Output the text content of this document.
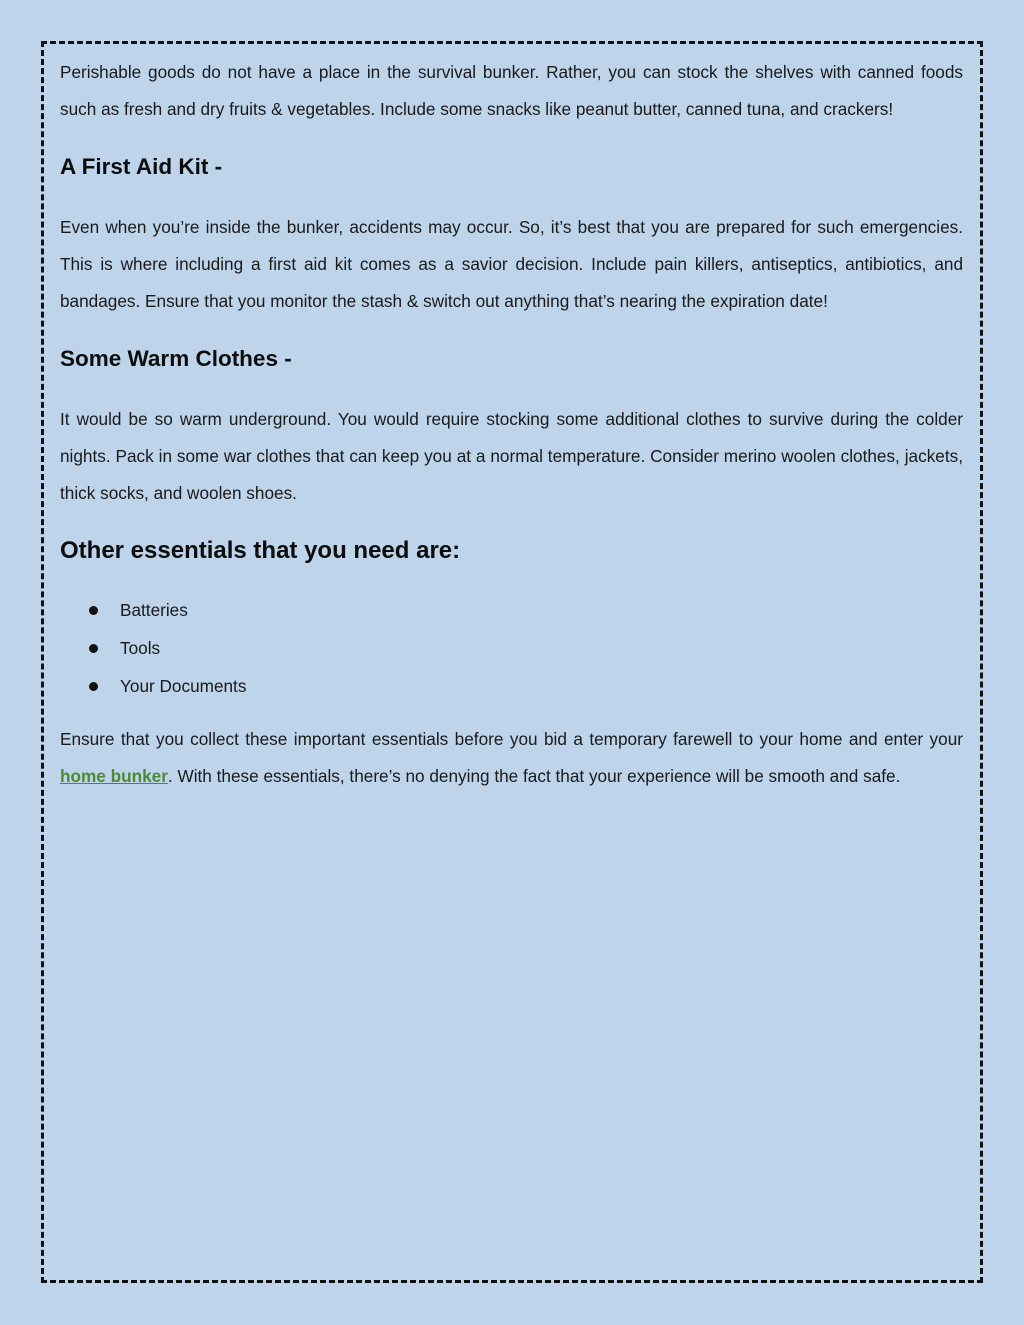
Perishable goods do not have a place in the survival bunker. Rather, you can stock the shelves with canned foods such as fresh and dry fruits & vegetables. Include some snacks like peanut butter, canned tuna, and crackers!

A First Aid Kit -

Even when you’re inside the bunker, accidents may occur. So, it’s best that you are prepared for such emergencies. This is where including a first aid kit comes as a savior decision. Include pain killers, antiseptics, antibiotics, and bandages. Ensure that you monitor the stash & switch out anything that’s nearing the expiration date!

Some Warm Clothes -

It would be so warm underground. You would require stocking some additional clothes to survive during the colder nights. Pack in some war clothes that can keep you at a normal temperature. Consider merino woolen clothes, jackets, thick socks, and woolen shoes.

Other essentials that you need are:
Batteries
Tools
Your Documents

Ensure that you collect these important essentials before you bid a temporary farewell to your home and enter your home bunker. With these essentials, there’s no denying the fact that your experience will be smooth and safe.
